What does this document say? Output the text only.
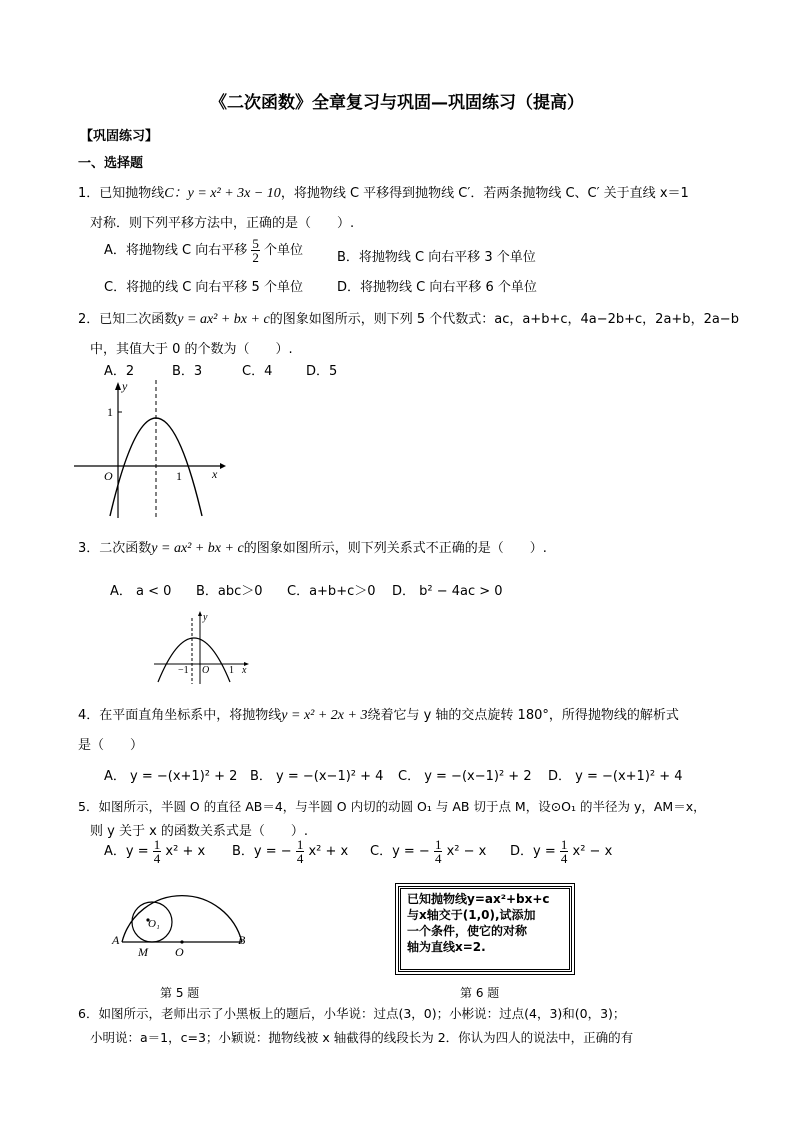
《二次函数》全章复习与巩固—巩固练习（提高）
【巩固练习】
一、选择题
1．已知抛物线C：y = x² + 3x − 10，将抛物线 C 平移得到抛物线 C′．若两条抛物线 C、C′ 关于直线 x＝1
对称．则下列平移方法中，正确的是（　　）.
A．将抛物线 C 向右平移 $\frac{5}{2}$ 个单位	B．将抛物线 C 向右平移 3 个单位
C．将抛的线 C 向右平移 5 个单位	D．将抛物线 C 向右平移 6 个单位
2．已知二次函数y = ax² + bx + c的图象如图所示，则下列 5 个代数式：ac，a+b+c，4a−2b+c，2a+b，2a−b
中，其值大于 0 的个数为（　　）.
A．2	B．3	C．4	D．5
y
x
O
1
1
3．二次函数y = ax² + bx + c的图象如图所示，则下列关系式不正确的是（　　）.
A． a < 0 B．abc＞0 C．a+b+c＞0 D． b² − 4ac > 0
y
x
O
−1	1
4．在平面直角坐标系中，将抛物线y = x² + 2x + 3绕着它与 y 轴的交点旋转 180°，所得抛物线的解析式
是（　　）
A． y = −(x+1)² + 2 B． y = −(x−1)² + 4 C． y = −(x−1)² + 2 D． y = −(x+1)² + 4
5．如图所示，半圆 O 的直径 AB＝4，与半圆 O 内切的动圆 O₁ 与 AB 切于点 M，设⊙O₁ 的半径为 y，AM＝x，
则 y 关于 x 的函数关系式是（　　）.
A．$y = \frac{1}{4} x^2 + x$ B．y = − $\frac{1}{4} x^2 + x$ C．y = − $\frac{1}{4} x^2 - x$ D．$y = \frac{1}{4} x^2 - x$
A
M O
B
O₁
已知抛物线y=ax²+bx+c
与x轴交于(1,0),试添加
一个条件，使它的对称
轴为直线x=2.
第 5 题	第 6 题
6．如图所示，老师出示了小黑板上的题后，小华说：过点(3，0)；小彬说：过点(4，3)和(0，3)；
小明说：a＝1，c=3；小颖说：抛物线被 x 轴截得的线段长为 2．你认为四人的说法中，正确的有
